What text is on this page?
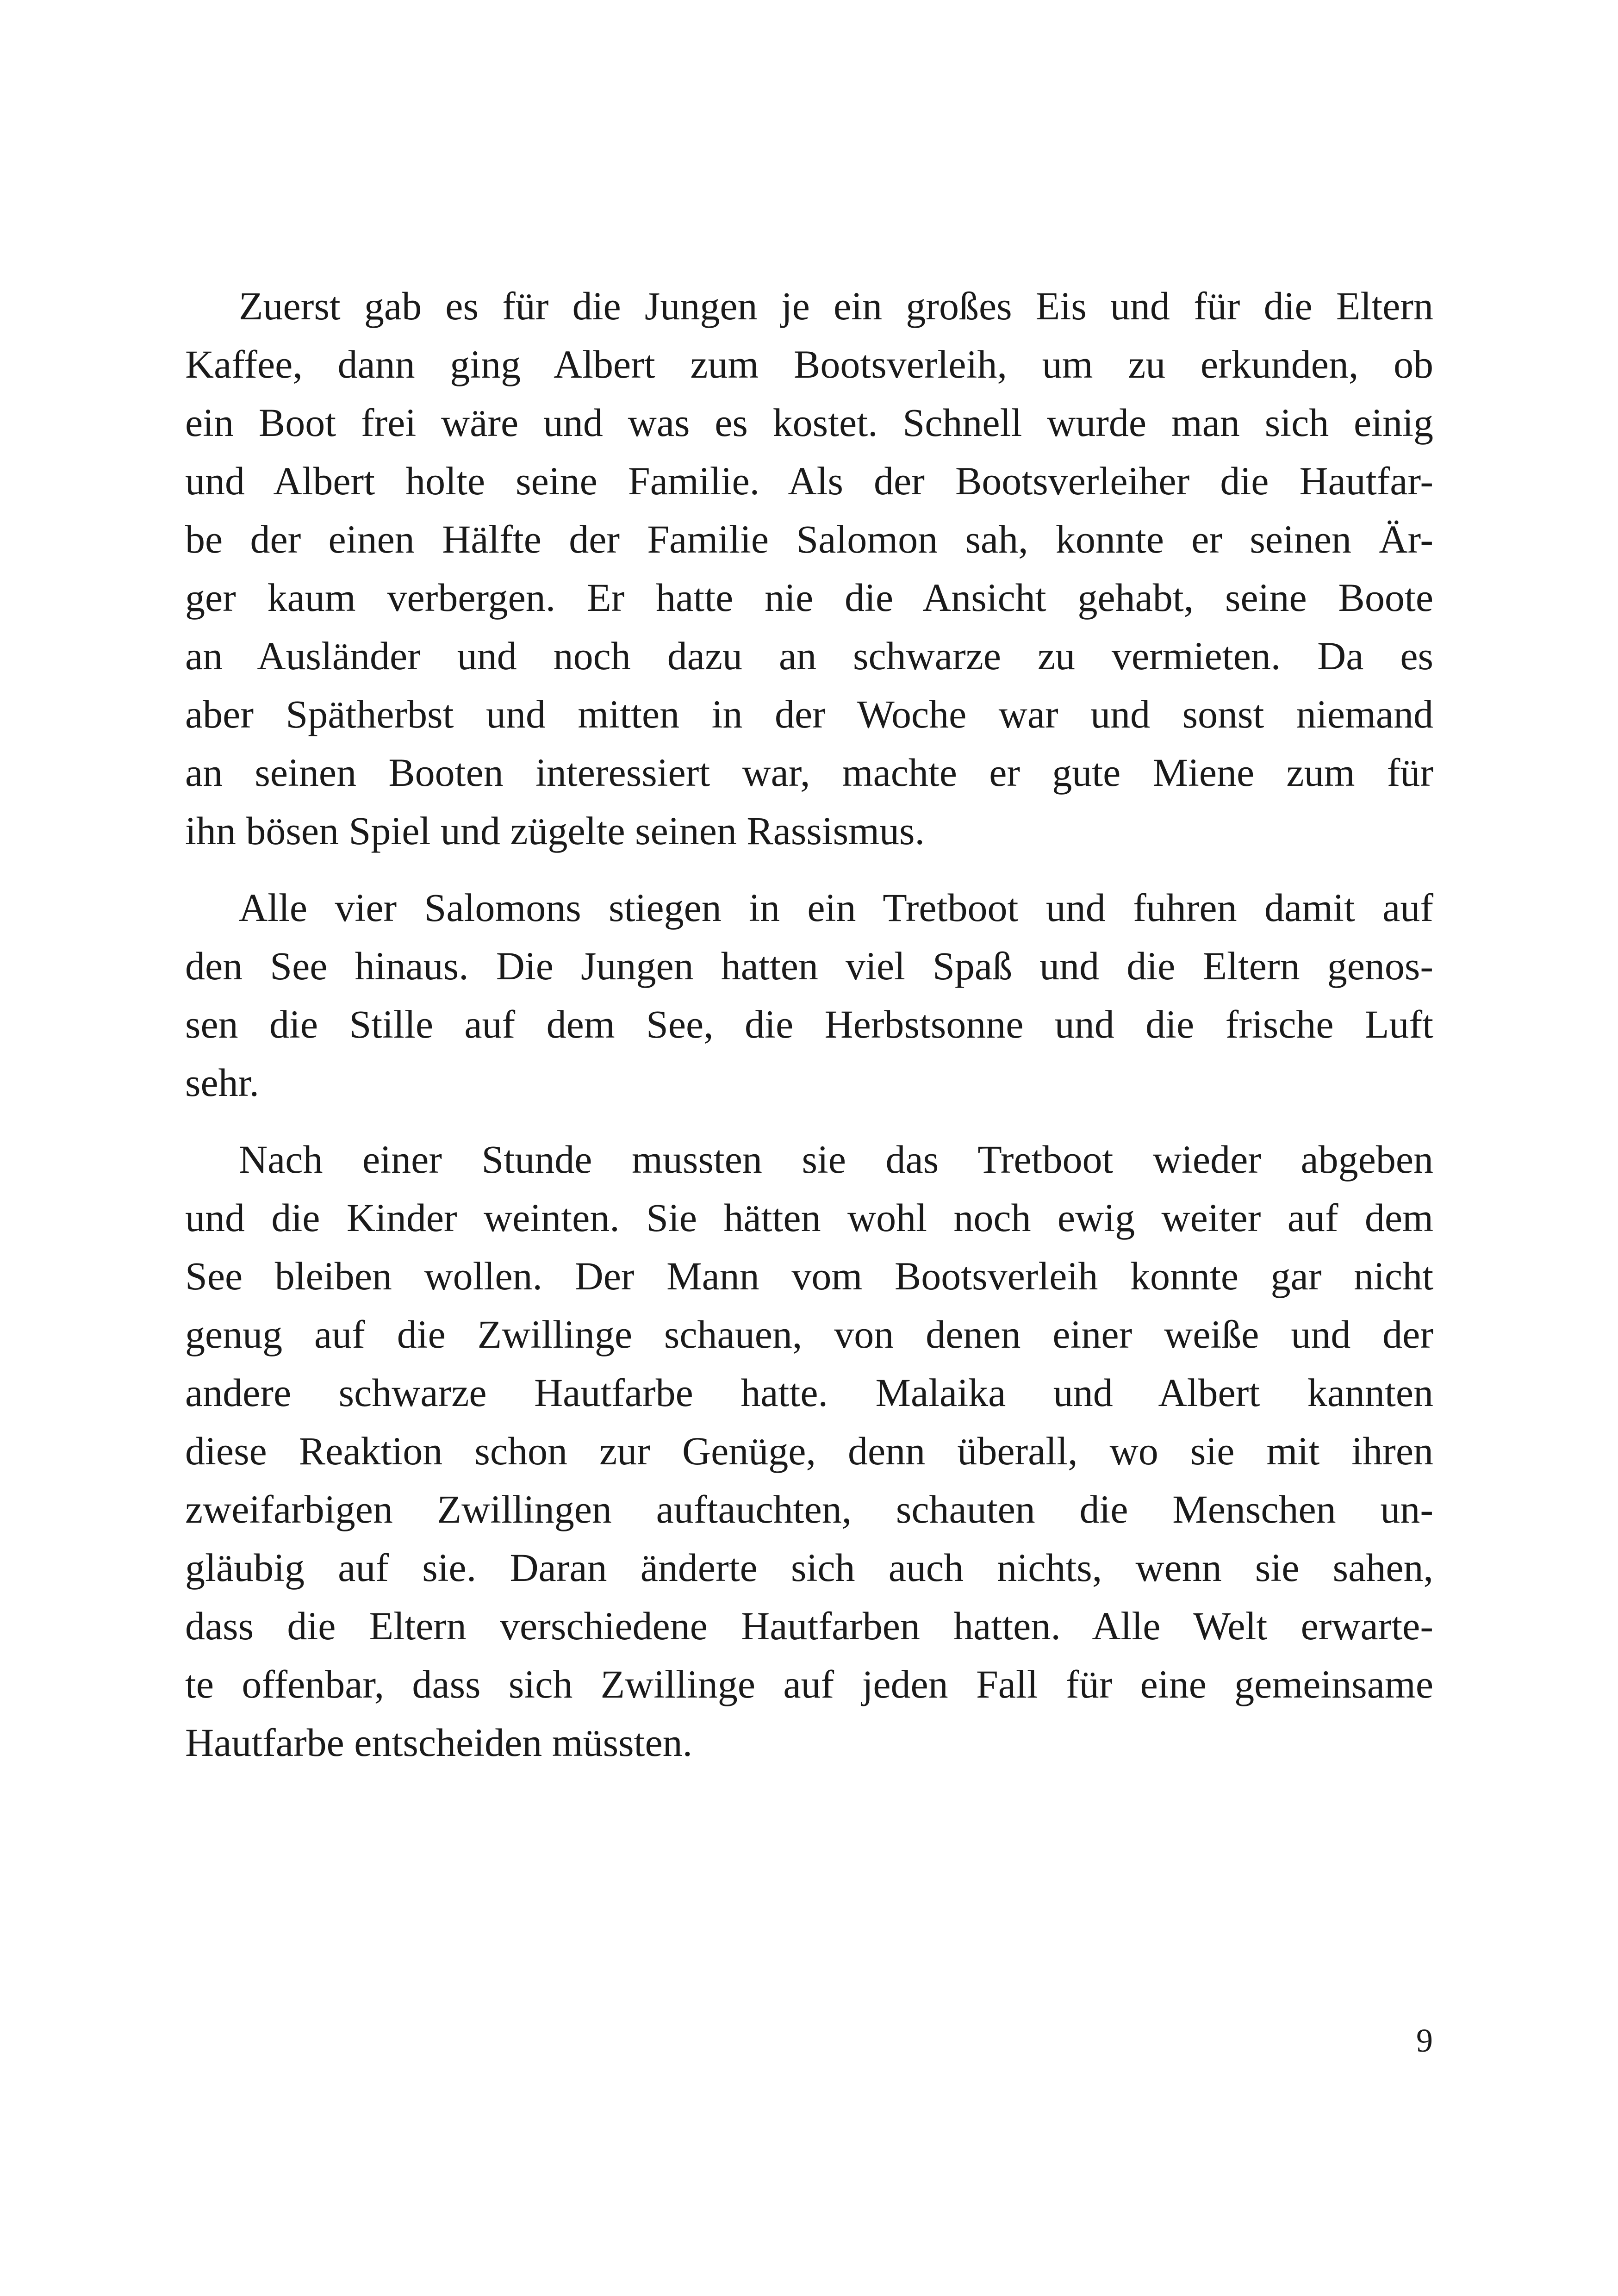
Zuerst gab es für die Jungen je ein großes Eis und für die Eltern
Kaffee, dann ging Albert zum Bootsverleih, um zu erkunden, ob
ein Boot frei wäre und was es kostet. Schnell wurde man sich einig
und Albert holte seine Familie. Als der Bootsverleiher die Hautfar-
be der einen Hälfte der Familie Salomon sah, konnte er seinen Är-
ger kaum verbergen. Er hatte nie die Ansicht gehabt, seine Boote
an Ausländer und noch dazu an schwarze zu vermieten. Da es
aber Spätherbst und mitten in der Woche war und sonst niemand
an seinen Booten interessiert war, machte er gute Miene zum für
ihn bösen Spiel und zügelte seinen Rassismus.
Alle vier Salomons stiegen in ein Tretboot und fuhren damit auf
den See hinaus. Die Jungen hatten viel Spaß und die Eltern genos-
sen die Stille auf dem See, die Herbstsonne und die frische Luft
sehr.
Nach einer Stunde mussten sie das Tretboot wieder abgeben
und die Kinder weinten. Sie hätten wohl noch ewig weiter auf dem
See bleiben wollen. Der Mann vom Bootsverleih konnte gar nicht
genug auf die Zwillinge schauen, von denen einer weiße und der
andere schwarze Hautfarbe hatte. Malaika und Albert kannten
diese Reaktion schon zur Genüge, denn überall, wo sie mit ihren
zweifarbigen Zwillingen auftauchten, schauten die Menschen un-
gläubig auf sie. Daran änderte sich auch nichts, wenn sie sahen,
dass die Eltern verschiedene Hautfarben hatten. Alle Welt erwarte-
te offenbar, dass sich Zwillinge auf jeden Fall für eine gemeinsame
Hautfarbe entscheiden müssten.
9
